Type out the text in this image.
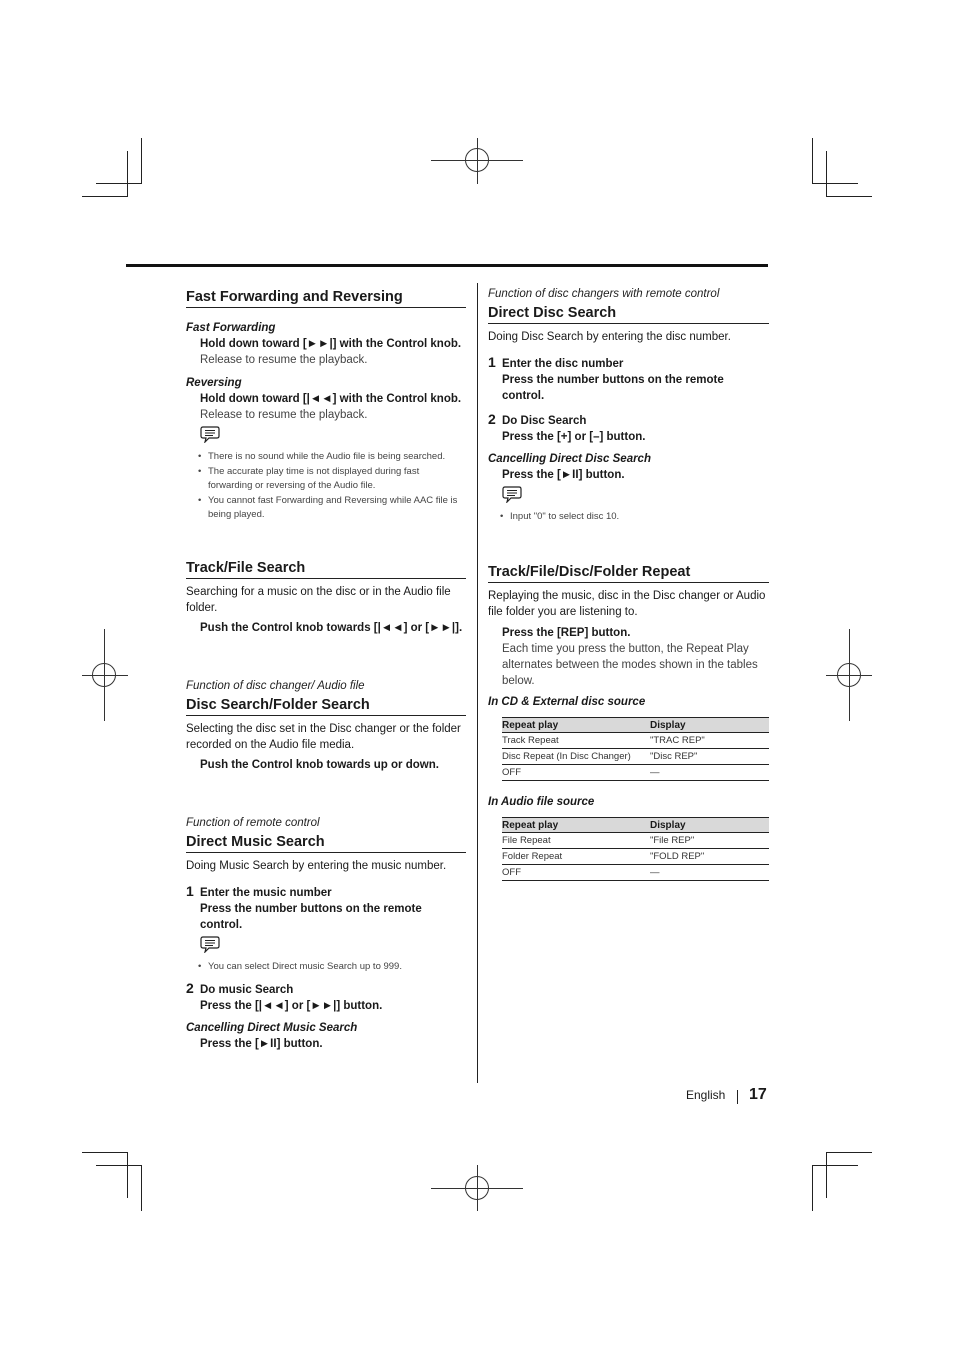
Fast Forwarding and Reversing
Fast Forwarding
Hold down toward [►►|] with the Control knob.
Release to resume the playback.
Reversing
Hold down toward [|◄◄] with the Control knob.
Release to resume the playback.
• There is no sound while the Audio file is being searched.
• The accurate play time is not displayed during fast forwarding or reversing of the Audio file.
• You cannot fast Forwarding and Reversing while AAC file is being played.
Track/File Search
Searching for a music on the disc or in the Audio file folder.
Push the Control knob towards [|◄◄] or [►►|].
Function of disc changer/ Audio file
Disc Search/Folder Search
Selecting the disc set in the Disc changer or the folder recorded on the Audio file media.
Push the Control knob towards up or down.
Function of remote control
Direct Music Search
Doing Music Search by entering the music number.
1 Enter the music number
Press the number buttons on the remote control.
• You can select Direct music Search up to 999.
2 Do music Search
Press the [|◄◄] or [►►|] button.
Cancelling Direct Music Search
Press the [►II] button.
Function of disc changers with remote control
Direct Disc Search
Doing Disc Search by entering the disc number.
1 Enter the disc number
Press the number buttons on the remote control.
2 Do Disc Search
Press the [+] or [–] button.
Cancelling Direct Disc Search
Press the [►II] button.
• Input "0" to select disc 10.
Track/File/Disc/Folder Repeat
Replaying the music, disc in the Disc changer or Audio file folder you are listening to.
Press the [REP] button.
Each time you press the button, the Repeat Play alternates between the modes shown in the tables below.
In CD & External disc source
Repeat play	Display
Track Repeat	"TRAC REP"
Disc Repeat (In Disc Changer)	"Disc REP"
OFF	—
In Audio file source
Repeat play	Display
File Repeat	"File REP"
Folder Repeat	"FOLD REP"
OFF	—
English 17
